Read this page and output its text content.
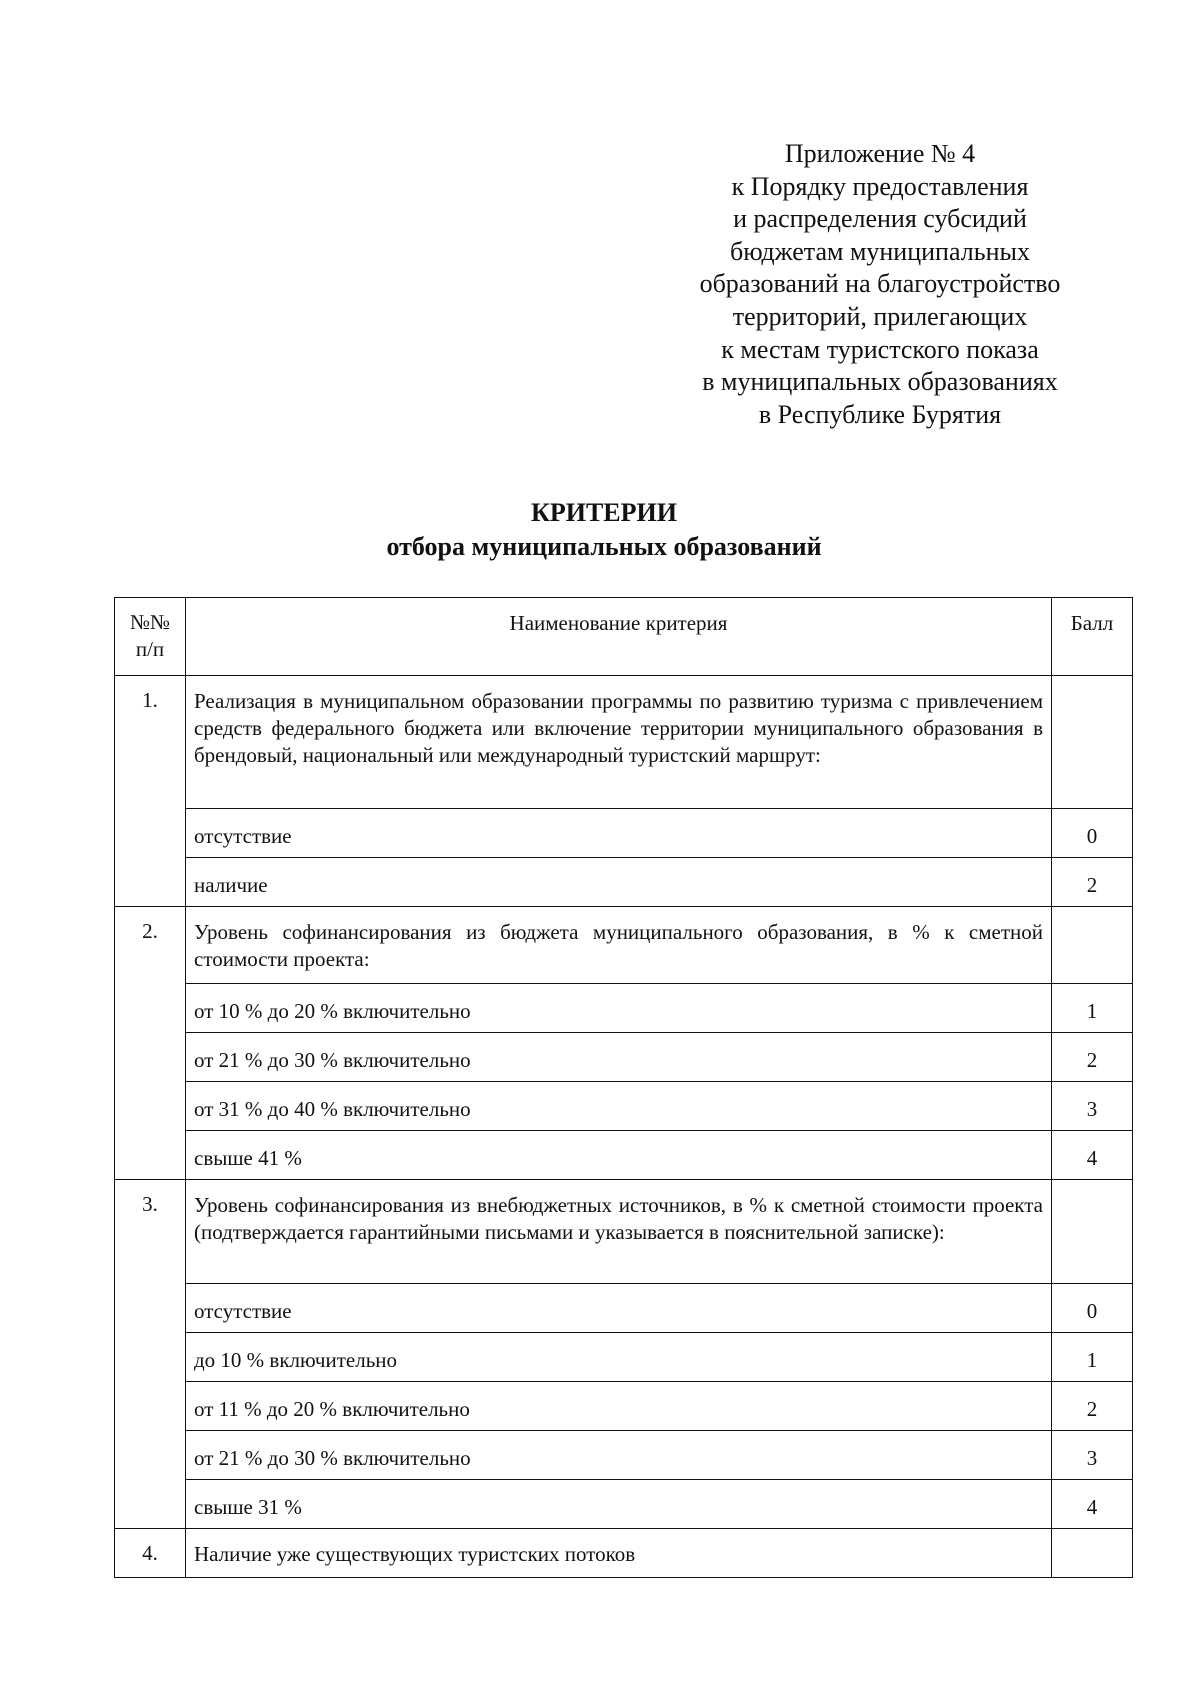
Приложение № 4
к Порядку предоставления
и распределения субсидий
бюджетам муниципальных
образований на благоустройство
территорий, прилегающих
к местам туристского показа
в муниципальных образованиях
в Республике Бурятия
КРИТЕРИИ
отбора муниципальных образований
№№ п/п	Наименование критерия	Балл

1.	Реализация в муниципальном образовании программы по развитию туризма с привлечением средств федерального бюджета или включение территории муниципального образования в брендовый, национальный или международный туристский маршрут:	

	отсутствие	0

	наличие	2

2.	Уровень софинансирования из бюджета муниципального образования, в % к сметной стоимости проекта:	

	от 10 % до 20 % включительно	1

	от 21 % до 30 % включительно	2

	от 31 % до 40 % включительно	3

	свыше 41 %	4

3.	Уровень софинансирования из внебюджетных источников, в % к сметной стоимости проекта (подтверждается гарантийными письмами и указывается в пояснительной записке):	

	отсутствие	0

	до 10 % включительно	1

	от 11 % до 20 % включительно	2

	от 21 % до 30 % включительно	3

	свыше 31 %	4

4.	Наличие уже существующих туристских потоков	
